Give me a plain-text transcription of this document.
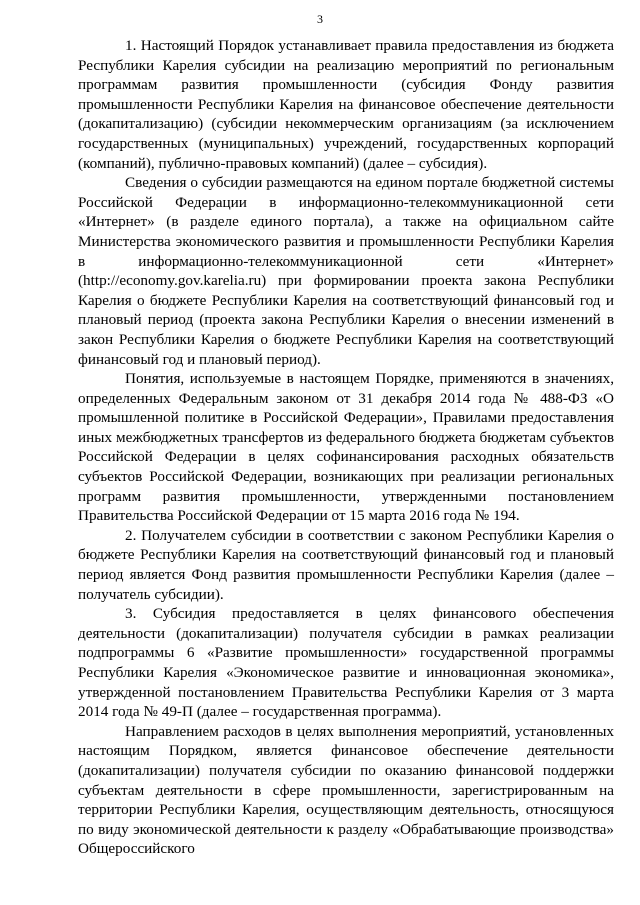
3

1. Настоящий Порядок устанавливает правила предоставления из бюджета Республики Карелия субсидии на реализацию мероприятий по региональным программам развития промышленности (субсидия Фонду развития промышленности Республики Карелия на финансовое обеспечение деятельности (докапитализацию) (субсидии некоммерческим организациям (за исключением государственных (муниципальных) учреждений, государственных корпораций (компаний), публично-правовых компаний) (далее – субсидия).

Сведения о субсидии размещаются на едином портале бюджетной системы Российской Федерации в информационно-телекоммуникационной сети «Интернет» (в разделе единого портала), а также на официальном сайте Министерства экономического развития и промышленности Республики Карелия в информационно-телекоммуникационной сети «Интернет» (http://economy.gov.karelia.ru) при формировании проекта закона Республики Карелия о бюджете Республики Карелия на соответствующий финансовый год и плановый период (проекта закона Республики Карелия о внесении изменений в закон Республики Карелия о бюджете Республики Карелия на соответствующий финансовый год и плановый период).

Понятия, используемые в настоящем Порядке, применяются в значениях, определенных Федеральным законом от 31 декабря 2014 года № 488-ФЗ «О промышленной политике в Российской Федерации», Правилами предоставления иных межбюджетных трансфертов из федерального бюджета бюджетам субъектов Российской Федерации в целях софинансирования расходных обязательств субъектов Российской Федерации, возникающих при реализации региональных программ развития промышленности, утвержденными постановлением Правительства Российской Федерации от 15 марта 2016 года № 194.

2. Получателем субсидии в соответствии с законом Республики Карелия о бюджете Республики Карелия на соответствующий финансовый год и плановый период является Фонд развития промышленности Республики Карелия (далее – получатель субсидии).

3. Субсидия предоставляется в целях финансового обеспечения деятельности (докапитализации) получателя субсидии в рамках реализации подпрограммы 6 «Развитие промышленности» государственной программы Республики Карелия «Экономическое развитие и инновационная экономика», утвержденной постановлением Правительства Республики Карелия от 3 марта 2014 года № 49-П (далее – государственная программа).

Направлением расходов в целях выполнения мероприятий, установленных настоящим Порядком, является финансовое обеспечение деятельности (докапитализации) получателя субсидии по оказанию финансовой поддержки субъектам деятельности в сфере промышленности, зарегистрированным на территории Республики Карелия, осуществляющим деятельность, относящуюся по виду экономической деятельности к разделу «Обрабатывающие производства» Общероссийского
